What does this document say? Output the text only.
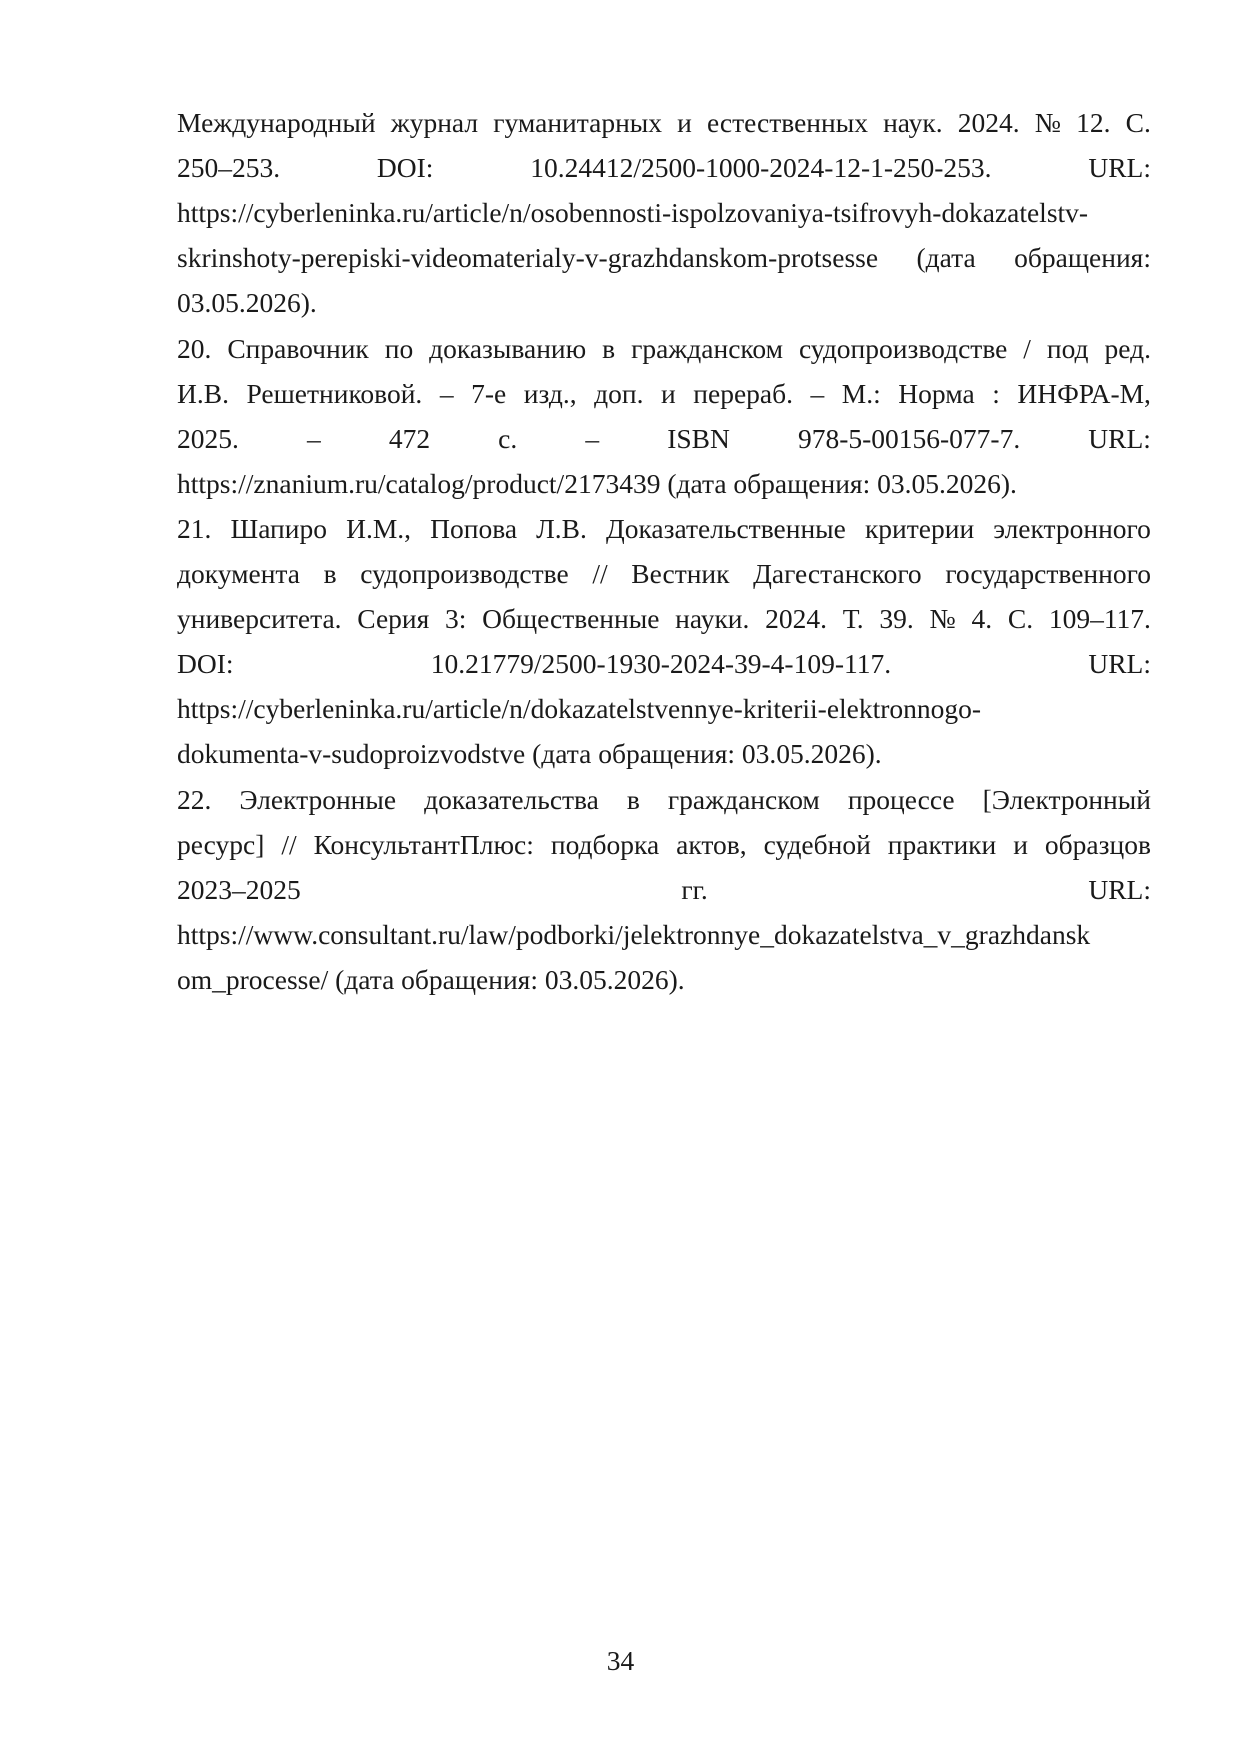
Международный журнал гуманитарных и естественных наук. 2024. № 12. С.
250–253.	DOI:	10.24412/2500-1000-2024-12-1-250-253.	URL:
https://cyberleninka.ru/article/n/osobennosti-ispolzovaniya-tsifrovyh-dokazatelstv-
skrinshoty-perepiski-videomaterialy-v-grazhdanskom-protsesse (дата обращения:
03.05.2026).
20. Справочник по доказыванию в гражданском судопроизводстве / под ред.
И.В. Решетниковой. – 7-е изд., доп. и перераб. – М.: Норма : ИНФРА-М,
2025. – 472 с. – ISBN 978-5-00156-077-7. URL:
https://znanium.ru/catalog/product/2173439 (дата обращения: 03.05.2026).
21. Шапиро И.М., Попова Л.В. Доказательственные критерии электронного
документа в судопроизводстве // Вестник Дагестанского государственного
университета. Серия 3: Общественные науки. 2024. Т. 39. № 4. С. 109–117.
DOI:	10.21779/2500-1930-2024-39-4-109-117.	URL:
https://cyberleninka.ru/article/n/dokazatelstvennye-kriterii-elektronnogo-
dokumenta-v-sudoproizvodstve (дата обращения: 03.05.2026).
22. Электронные доказательства в гражданском процессе [Электронный
ресурс] // КонсультантПлюс: подборка актов, судебной практики и образцов
2023–2025	гг.	URL:
https://www.consultant.ru/law/podborki/jelektronnye_dokazatelstva_v_grazhdansk
om_processe/ (дата обращения: 03.05.2026).
34
